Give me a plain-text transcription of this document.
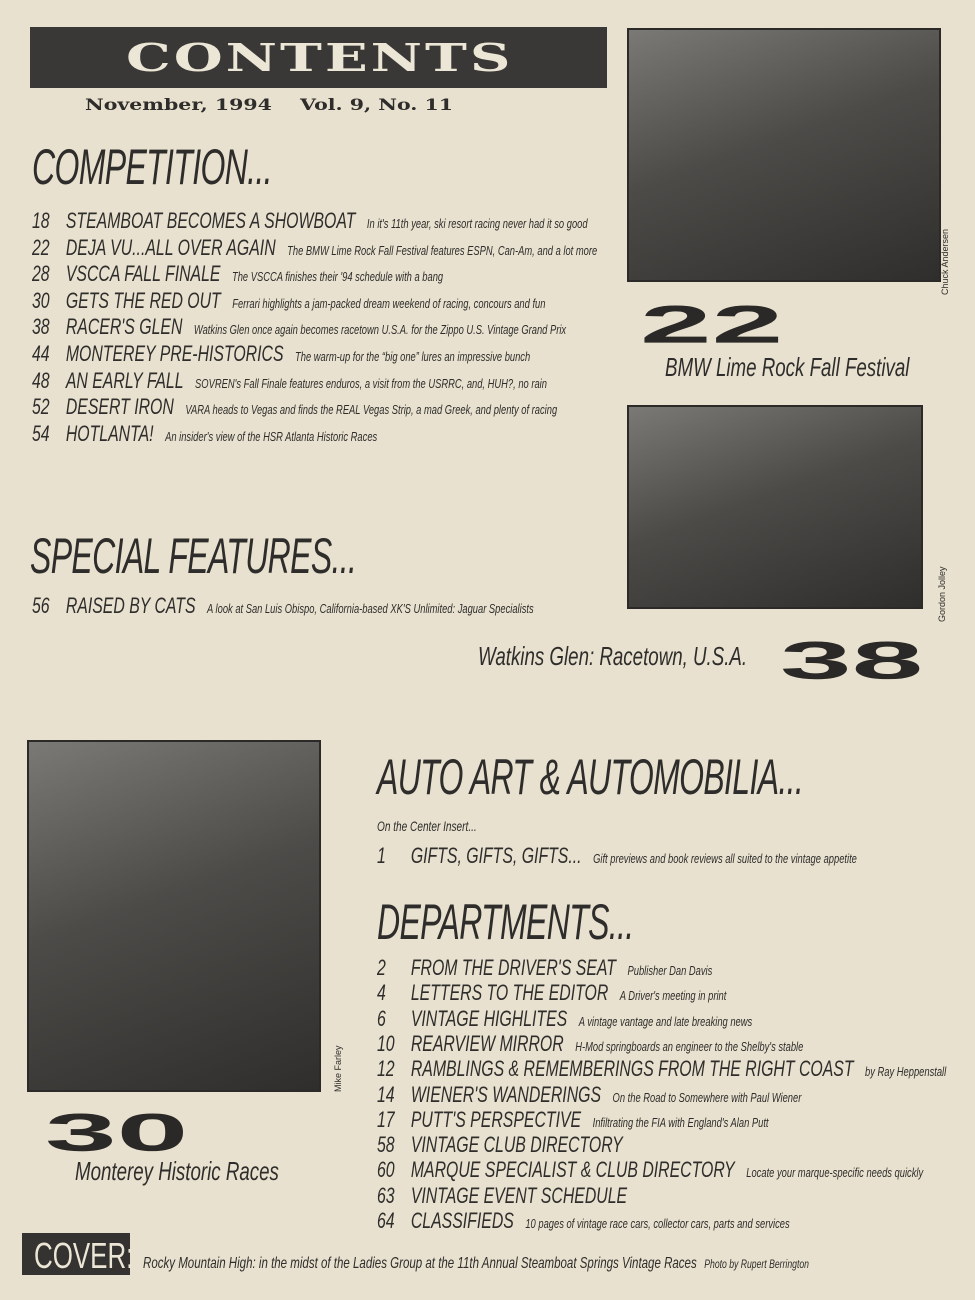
CONTENTS
November, 1994 Vol. 9, No. 11
COMPETITION...
18 STEAMBOAT BECOMES A SHOWBOAT In it's 11th year, ski resort racing never had it so good
22 DEJA VU...ALL OVER AGAIN The BMW Lime Rock Fall Festival features ESPN, Can-Am, and a lot more
28 VSCCA FALL FINALE The VSCCA finishes their '94 schedule with a bang
30 GETS THE RED OUT Ferrari highlights a jam-packed dream weekend of racing, concours and fun
38 RACER'S GLEN Watkins Glen once again becomes racetown U.S.A. for the Zippo U.S. Vintage Grand Prix
44 MONTEREY PRE-HISTORICS The warm-up for the “big one” lures an impressive bunch
48 AN EARLY FALL SOVREN's Fall Finale features enduros, a visit from the USRRC, and, HUH?, no rain
52 DESERT IRON VARA heads to Vegas and finds the REAL Vegas Strip, a mad Greek, and plenty of racing
54 HOTLANTA! An insider's view of the HSR Atlanta Historic Races
SPECIAL FEATURES...
56 RAISED BY CATS A look at San Luis Obispo, California-based XK'S Unlimited: Jaguar Specialists
AUTO ART & AUTOMOBILIA...
On the Center Insert...
1 GIFTS, GIFTS, GIFTS... Gift previews and book reviews all suited to the vintage appetite
DEPARTMENTS...
2 FROM THE DRIVER'S SEAT Publisher Dan Davis
4 LETTERS TO THE EDITOR A Driver's meeting in print
6 VINTAGE HIGHLITES A vintage vantage and late breaking news
10 REARVIEW MIRROR H-Mod springboards an engineer to the Shelby's stable
12 RAMBLINGS & REMEMBERINGS FROM THE RIGHT COAST by Ray Heppenstall
14 WIENER'S WANDERINGS On the Road to Somewhere with Paul Wiener
17 PUTT'S PERSPECTIVE Infiltrating the FIA with England's Alan Putt
58 VINTAGE CLUB DIRECTORY
60 MARQUE SPECIALIST & CLUB DIRECTORY Locate your marque-specific needs quickly
63 VINTAGE EVENT SCHEDULE
64 CLASSIFIEDS 10 pages of vintage race cars, collector cars, parts and services
Chuck Andersen
22
BMW Lime Rock Fall Festival
Gordon Jolley
Watkins Glen: Racetown, U.S.A. 38
Mike Farley
30
Monterey Historic Races
COVER: Rocky Mountain High: in the midst of the Ladies Group at the 11th Annual Steamboat Springs Vintage Races Photo by Rupert Berrington
